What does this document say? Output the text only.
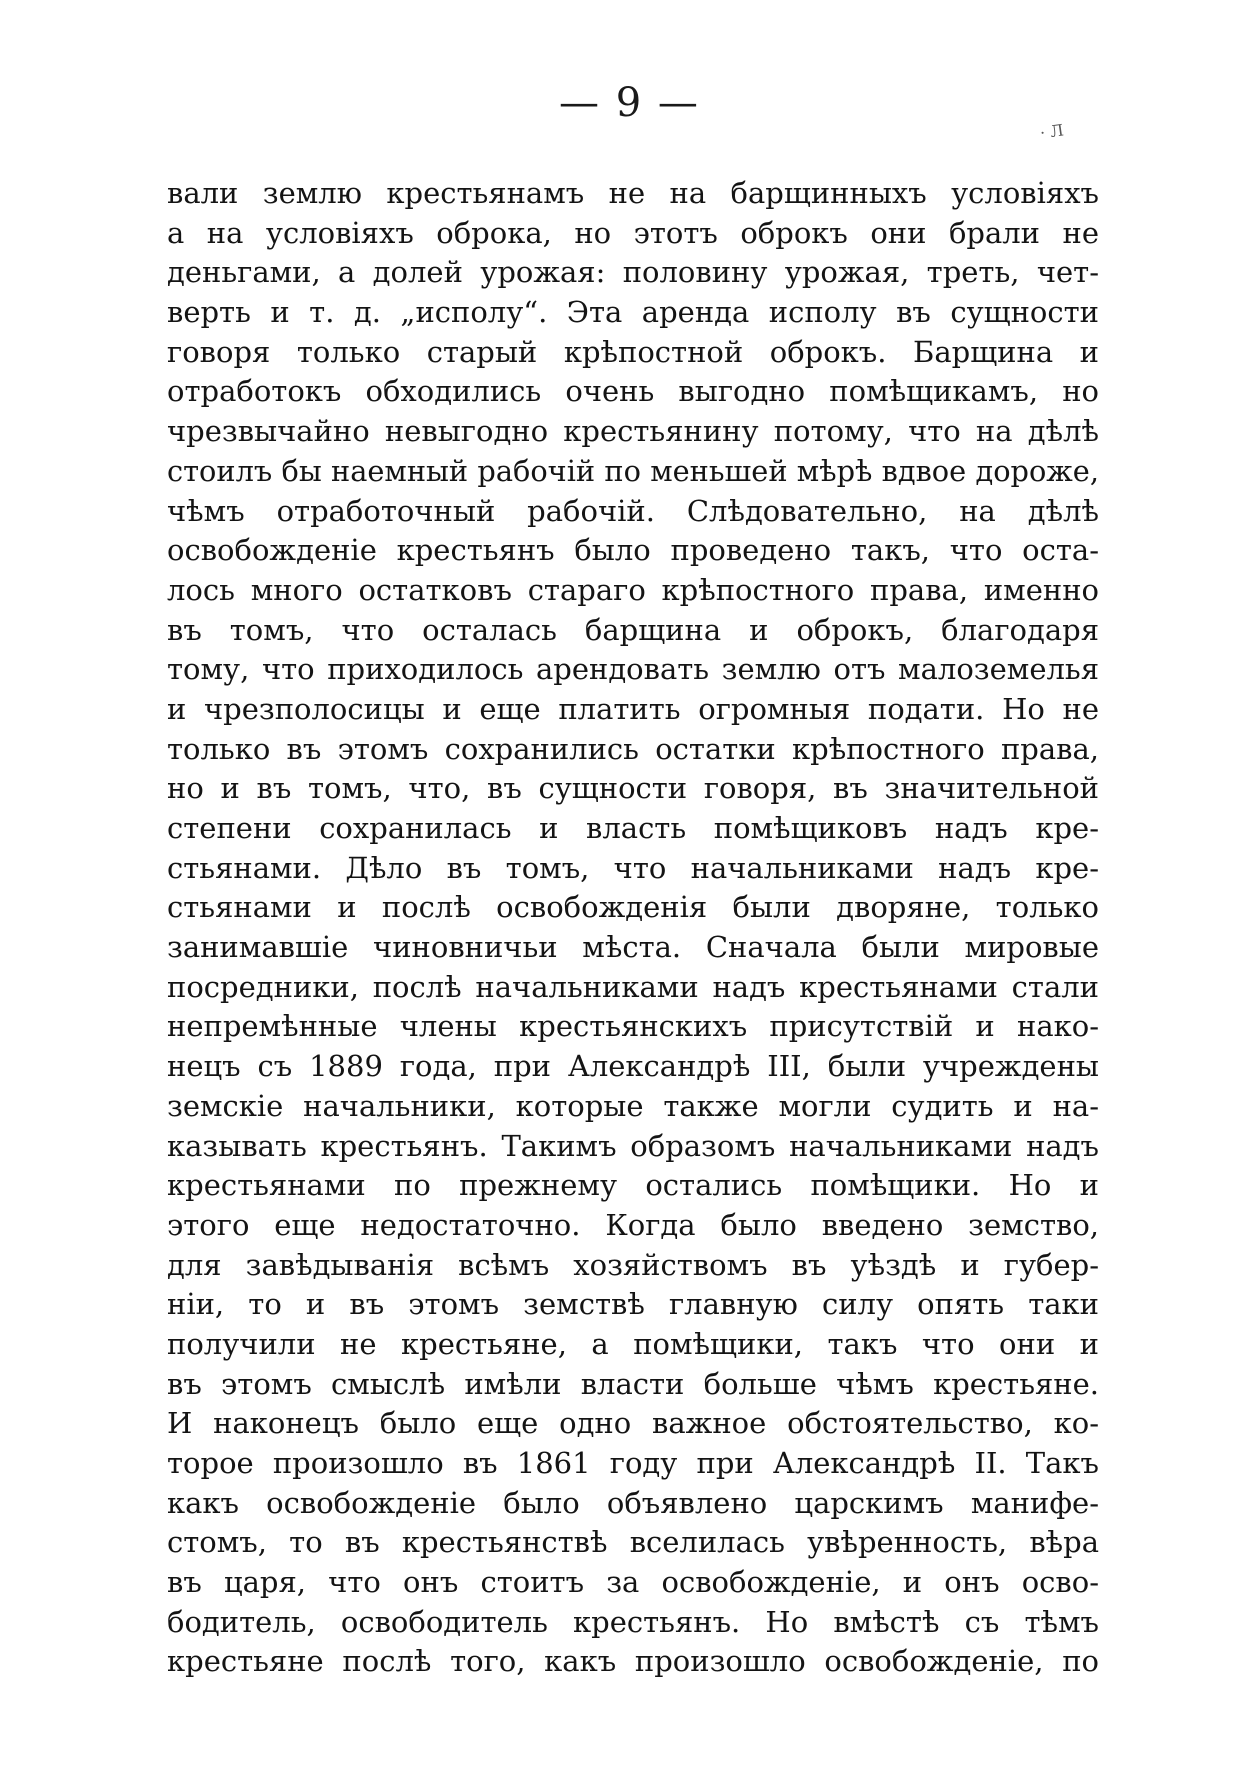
— 9 —
· Л
вали землю крестьянамъ не на барщинныхъ условіяхъ
а на условіяхъ оброка, но этотъ оброкъ они брали не
деньгами, а долей урожая: половину урожая, треть, чет-
верть и т. д. „исполу“. Эта аренда исполу въ сущности
говоря только старый крѣпостной оброкъ. Барщина и
отработокъ обходились очень выгодно помѣщикамъ, но
чрезвычайно невыгодно крестьянину потому, что на дѣлѣ
стоилъ бы наемный рабочій по меньшей мѣрѣ вдвое дороже,
чѣмъ отработочный рабочій. Слѣдовательно, на дѣлѣ
освобожденіе крестьянъ было проведено такъ, что оста-
лось много остатковъ стараго крѣпостного права, именно
въ томъ, что осталась барщина и оброкъ, благодаря
тому, что приходилось арендовать землю отъ малоземелья
и чрезполосицы и еще платить огромныя подати. Но не
только въ этомъ сохранились остатки крѣпостного права,
но и въ томъ, что, въ сущности говоря, въ значительной
степени сохранилась и власть помѣщиковъ надъ кре-
стьянами. Дѣло въ томъ, что начальниками надъ кре-
стьянами и послѣ освобожденія были дворяне, только
занимавшіе чиновничьи мѣста. Сначала были мировые
посредники, послѣ начальниками надъ крестьянами стали
непремѣнные члены крестьянскихъ присутствій и нако-
нецъ съ 1889 года, при Александрѣ III, были учреждены
земскіе начальники, которые также могли судить и на-
казывать крестьянъ. Такимъ образомъ начальниками надъ
крестьянами по прежнему остались помѣщики. Но и
этого еще недостаточно. Когда было введено земство,
для завѣдыванія всѣмъ хозяйствомъ въ уѣздѣ и губер-
ніи, то и въ этомъ земствѣ главную силу опять таки
получили не крестьяне, а помѣщики, такъ что они и
въ этомъ смыслѣ имѣли власти больше чѣмъ крестьяне.
И наконецъ было еще одно важное обстоятельство, ко-
торое произошло въ 1861 году при Александрѣ II. Такъ
какъ освобожденіе было объявлено царскимъ манифе-
стомъ, то въ крестьянствѣ вселилась увѣренность, вѣра
въ царя, что онъ стоитъ за освобожденіе, и онъ осво-
бодитель, освободитель крестьянъ. Но вмѣстѣ съ тѣмъ
крестьяне послѣ того, какъ произошло освобожденіе, по
